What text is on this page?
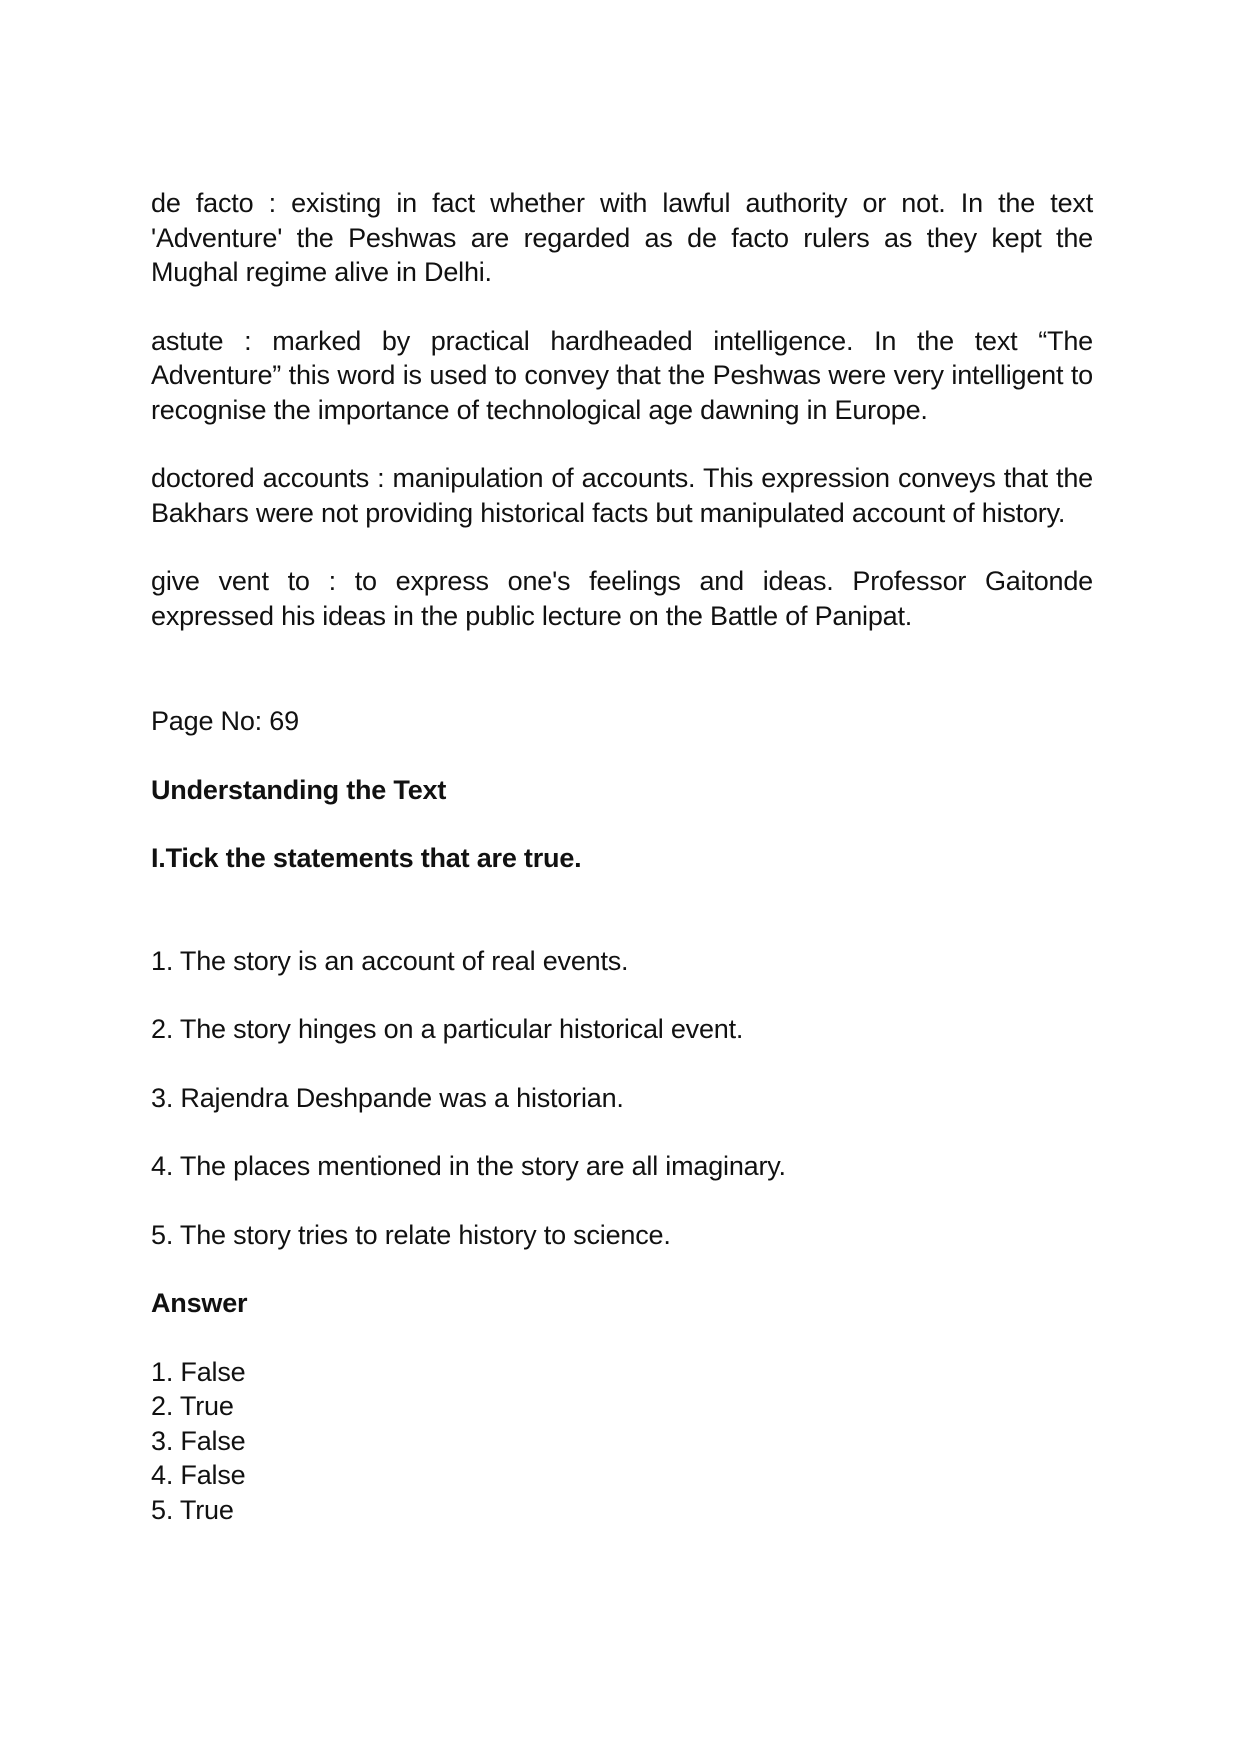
de facto : existing in fact whether with lawful authority or not. In the text 'Adventure' the Peshwas are regarded as de facto rulers as they kept the Mughal regime alive in Delhi.

astute : marked by practical hardheaded intelligence. In the text “The Adventure” this word is used to convey that the Peshwas were very intelligent to recognise the importance of technological age dawning in Europe.

doctored accounts : manipulation of accounts. This expression conveys that the Bakhars were not providing historical facts but manipulated account of history.

give vent to : to express one's feelings and ideas. Professor Gaitonde expressed his ideas in the public lecture on the Battle of Panipat.

Page No: 69
Understanding the Text
I.Tick the statements that are true.
1. The story is an account of real events.
2. The story hinges on a particular historical event.
3. Rajendra Deshpande was a historian.
4. The places mentioned in the story are all imaginary.
5. The story tries to relate history to science.
Answer
1. False
2. True
3. False
4. False
5. True
